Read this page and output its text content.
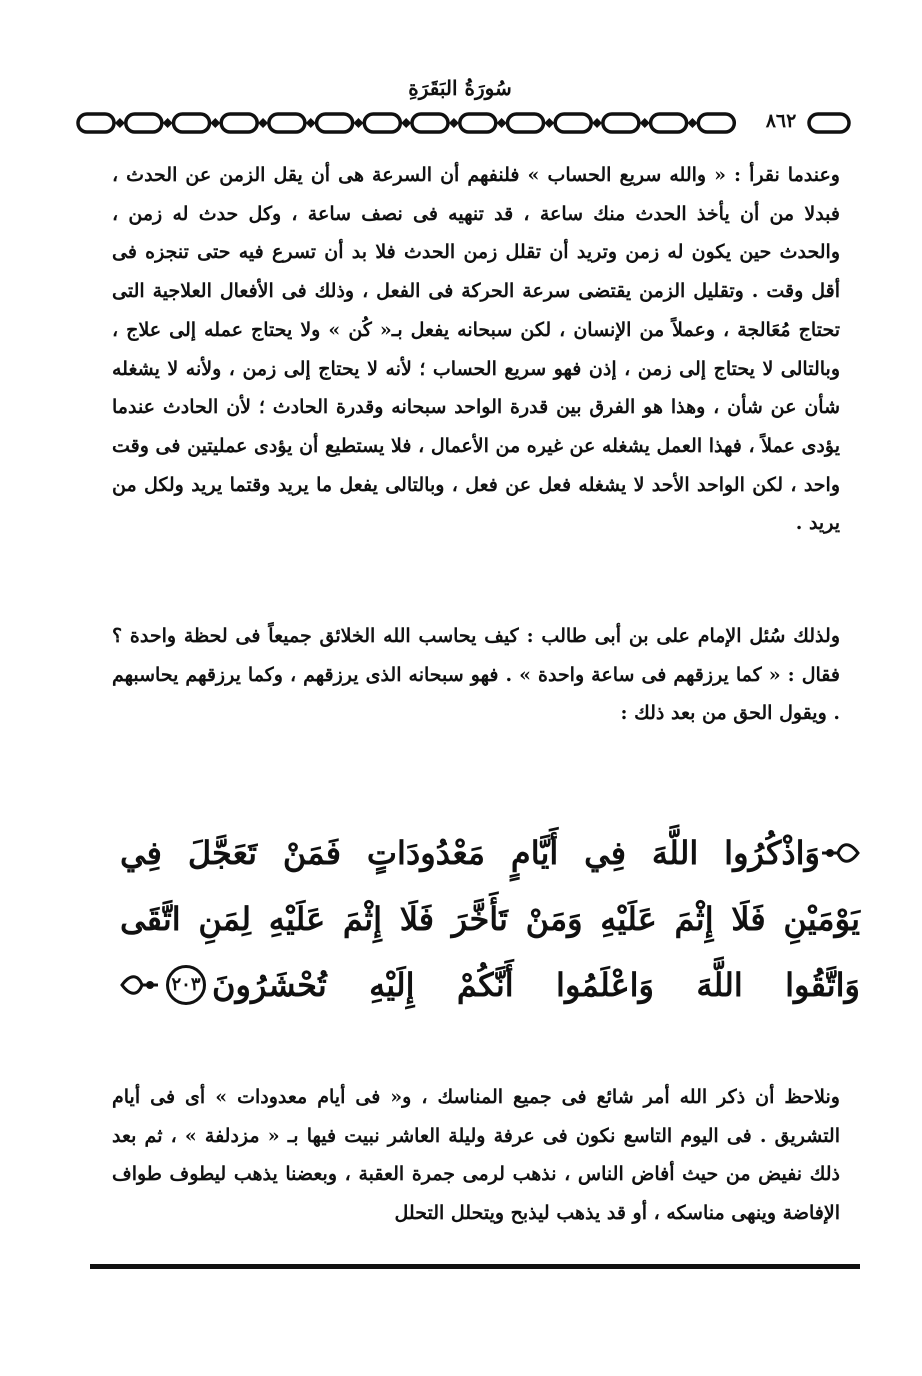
سُورَةُ البَقَرَةِ
٨٦٢

وعندما نقرأ : « والله سريع الحساب » فلنفهم أن السرعة هى أن يقل الزمن عن الحدث ، فبدلا من أن يأخذ الحدث منك ساعة ، قد تنهيه فى نصف ساعة ، وكل حدث له زمن ، والحدث حين يكون له زمن وتريد أن تقلل زمن الحدث فلا بد أن تسرع فيه حتى تنجزه فى أقل وقت . وتقليل الزمن يقتضى سرعة الحركة فى الفعل ، وذلك فى الأفعال العلاجية التى تحتاج مُعَالجة ، وعملاً من الإنسان ، لكن سبحانه يفعل بـ« كُن » ولا يحتاج عمله إلى علاج ، وبالتالى لا يحتاج إلى زمن ، إذن فهو سريع الحساب ؛ لأنه لا يحتاج إلى زمن ، ولأنه لا يشغله شأن عن شأن ، وهذا هو الفرق بين قدرة الواحد سبحانه وقدرة الحادث ؛ لأن الحادث عندما يؤدى عملاً ، فهذا العمل يشغله عن غيره من الأعمال ، فلا يستطيع أن يؤدى عمليتين فى وقت واحد ، لكن الواحد الأحد لا يشغله فعل عن فعل ، وبالتالى يفعل ما يريد وقتما يريد ولكل من يريد .

ولذلك سُئل الإمام على بن أبى طالب : كيف يحاسب الله الخلائق جميعاً فى لحظة واحدة ؟ فقال : « كما يرزقهم فى ساعة واحدة » . فهو سبحانه الذى يرزقهم ، وكما يرزقهم يحاسبهم . ويقول الحق من بعد ذلك :

وَاذْكُرُوا اللَّهَ فِي أَيَّامٍ مَعْدُودَاتٍ فَمَنْ تَعَجَّلَ فِي
يَوْمَيْنِ فَلَا إِثْمَ عَلَيْهِ وَمَنْ تَأَخَّرَ فَلَا إِثْمَ عَلَيْهِ لِمَنِ اتَّقَى
وَاتَّقُوا اللَّهَ وَاعْلَمُوا أَنَّكُمْ إِلَيْهِ تُحْشَرُونَ
٢٠٣

ونلاحظ أن ذكر الله أمر شائع فى جميع المناسك ، و« فى أيام معدودات » أى فى أيام التشريق . فى اليوم التاسع نكون فى عرفة وليلة العاشر نبيت فيها بـ « مزدلفة » ، ثم بعد ذلك نفيض من حيث أفاض الناس ، نذهب لرمى جمرة العقبة ، وبعضنا يذهب ليطوف طواف الإفاضة وينهى مناسكه ، أو قد يذهب ليذبح ويتحلل التحلل
